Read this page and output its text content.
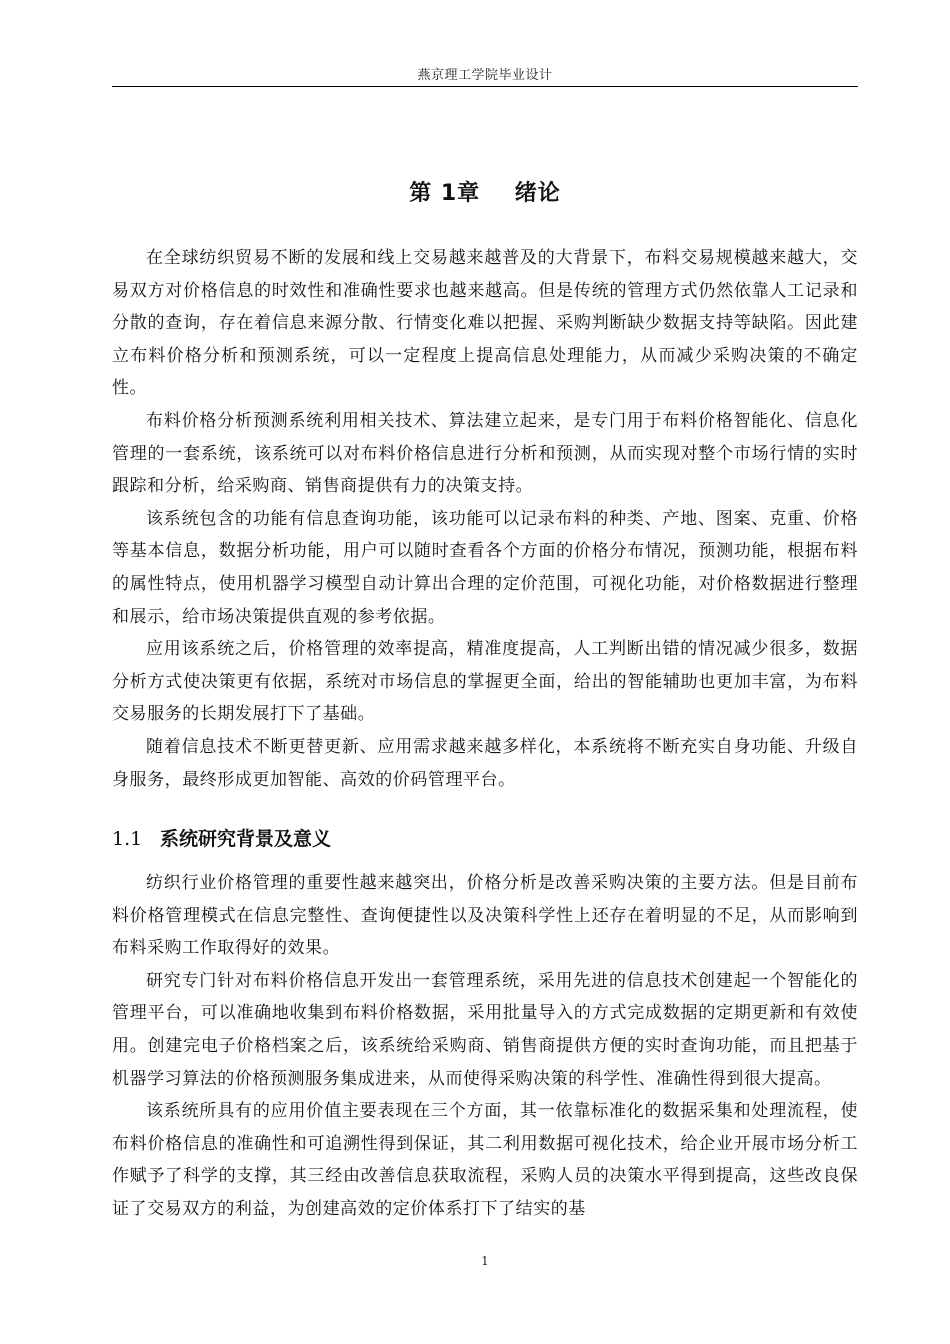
燕京理工学院毕业设计
第 1章    绪论

在全球纺织贸易不断的发展和线上交易越来越普及的大背景下，布料交易规模越来越大，交易双方对价格信息的时效性和准确性要求也越来越高。但是传统的管理方式仍然依靠人工记录和分散的查询，存在着信息来源分散、行情变化难以把握、采购判断缺少数据支持等缺陷。因此建立布料价格分析和预测系统，可以一定程度上提高信息处理能力，从而减少采购决策的不确定性。

布料价格分析预测系统利用相关技术、算法建立起来，是专门用于布料价格智能化、信息化管理的一套系统，该系统可以对布料价格信息进行分析和预测，从而实现对整个市场行情的实时跟踪和分析，给采购商、销售商提供有力的决策支持。

该系统包含的功能有信息查询功能，该功能可以记录布料的种类、产地、图案、克重、价格等基本信息，数据分析功能，用户可以随时查看各个方面的价格分布情况，预测功能，根据布料的属性特点，使用机器学习模型自动计算出合理的定价范围，可视化功能，对价格数据进行整理和展示，给市场决策提供直观的参考依据。

应用该系统之后，价格管理的效率提高，精准度提高，人工判断出错的情况减少很多，数据分析方式使决策更有依据，系统对市场信息的掌握更全面，给出的智能辅助也更加丰富，为布料交易服务的长期发展打下了基础。

随着信息技术不断更替更新、应用需求越来越多样化，本系统将不断充实自身功能、升级自身服务，最终形成更加智能、高效的价码管理平台。

1.1 系统研究背景及意义

纺织行业价格管理的重要性越来越突出，价格分析是改善采购决策的主要方法。但是目前布料价格管理模式在信息完整性、查询便捷性以及决策科学性上还存在着明显的不足，从而影响到布料采购工作取得好的效果。

研究专门针对布料价格信息开发出一套管理系统，采用先进的信息技术创建起一个智能化的管理平台，可以准确地收集到布料价格数据，采用批量导入的方式完成数据的定期更新和有效使用。创建完电子价格档案之后，该系统给采购商、销售商提供方便的实时查询功能，而且把基于机器学习算法的价格预测服务集成进来，从而使得采购决策的科学性、准确性得到很大提高。

该系统所具有的应用价值主要表现在三个方面，其一依靠标准化的数据采集和处理流程，使布料价格信息的准确性和可追溯性得到保证，其二利用数据可视化技术，给企业开展市场分析工作赋予了科学的支撑，其三经由改善信息获取流程，采购人员的决策水平得到提高，这些改良保证了交易双方的利益，为创建高效的定价体系打下了结实的基

1
